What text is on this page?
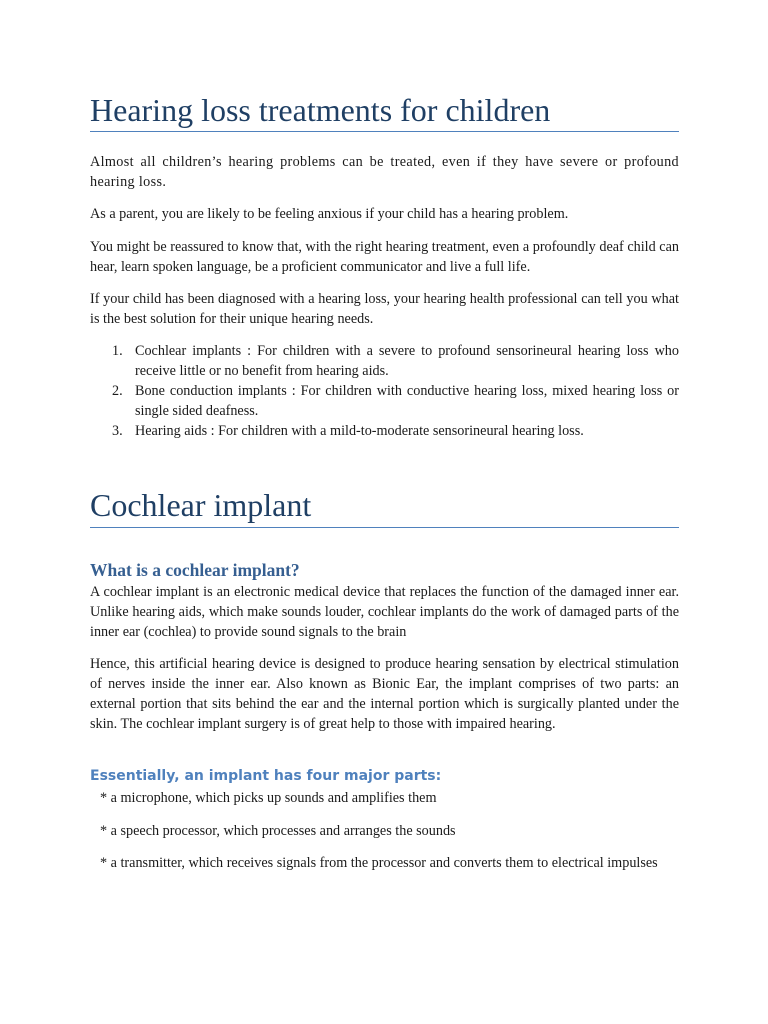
Hearing loss treatments for children

Almost all children’s hearing problems can be treated, even if they have severe or profound hearing loss.

As a parent, you are likely to be feeling anxious if your child has a hearing problem.

You might be reassured to know that, with the right hearing treatment, even a profoundly deaf child can hear, learn spoken language, be a proficient communicator and live a full life.

If your child has been diagnosed with a hearing loss, your hearing health professional can tell you what is the best solution for their unique hearing needs.

1. Cochlear implants : For children with a severe to profound sensorineural hearing loss who receive little or no benefit from hearing aids.
2. Bone conduction implants : For children with conductive hearing loss, mixed hearing loss or single sided deafness.
3. Hearing aids : For children with a mild-to-moderate sensorineural hearing loss.
Cochlear implant
What is a cochlear implant?

A cochlear implant is an electronic medical device that replaces the function of the damaged inner ear. Unlike hearing aids, which make sounds louder, cochlear implants do the work of damaged parts of the inner ear (cochlea) to provide sound signals to the brain

Hence, this artificial hearing device is designed to produce hearing sensation by electrical stimulation of nerves inside the inner ear. Also known as Bionic Ear, the implant comprises of two parts: an external portion that sits behind the ear and the internal portion which is surgically planted under the skin. The cochlear implant surgery is of great help to those with impaired hearing.

Essentially, an implant has four major parts:

* a microphone, which picks up sounds and amplifies them

* a speech processor, which processes and arranges the sounds

* a transmitter, which receives signals from the processor and converts them to electrical impulses
